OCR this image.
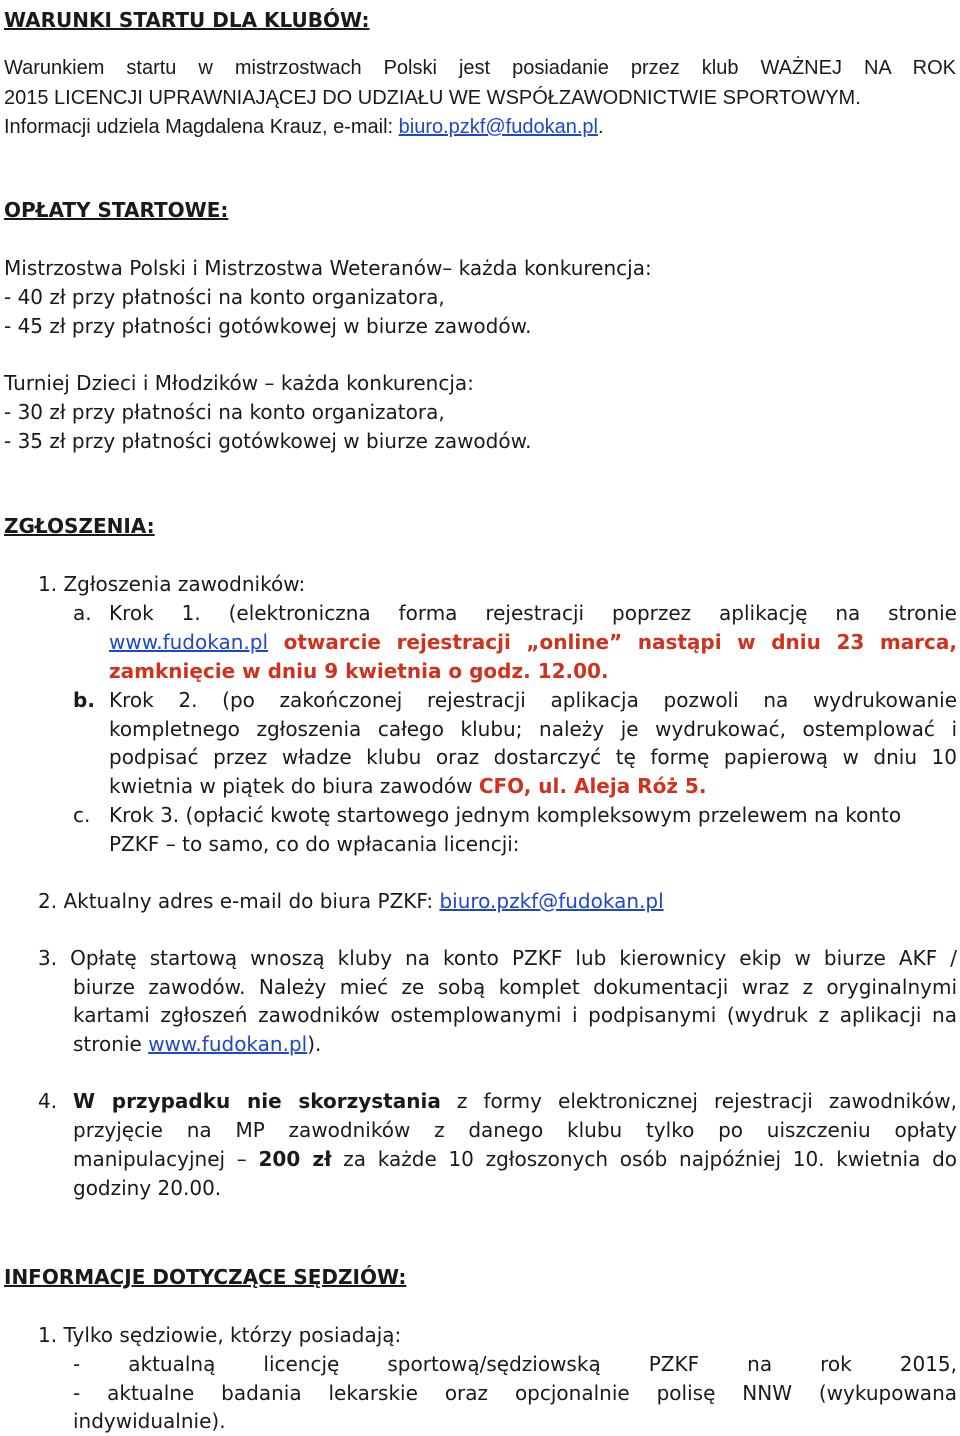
WARUNKI STARTU DLA KLUBÓW:
Warunkiem startu w mistrzostwach Polski jest posiadanie przez klub WAŻNEJ NA ROK
2015 LICENCJI UPRAWNIAJĄCEJ DO UDZIAŁU WE WSPÓŁZAWODNICTWIE SPORTOWYM.
Informacji udziela Magdalena Krauz, e-mail: biuro.pzkf@fudokan.pl.
OPŁATY STARTOWE:
Mistrzostwa Polski i Mistrzostwa Weteranów– każda konkurencja:
- 40 zł przy płatności na konto organizatora,
- 45 zł przy płatności gotówkowej w biurze zawodów.
Turniej Dzieci i Młodzików – każda konkurencja:
- 30 zł przy płatności na konto organizatora,
- 35 zł przy płatności gotówkowej w biurze zawodów.
ZGŁOSZENIA:
1. Zgłoszenia zawodników:
a. Krok 1. (elektroniczna forma rejestracji poprzez aplikację na stronie
www.fudokan.pl otwarcie rejestracji „online” nastąpi w dniu 23 marca,
zamknięcie w dniu 9 kwietnia o godz. 12.00.
b. Krok 2. (po zakończonej rejestracji aplikacja pozwoli na wydrukowanie
kompletnego zgłoszenia całego klubu; należy je wydrukować, ostemplować i
podpisać przez władze klubu oraz dostarczyć tę formę papierową w dniu 10
kwietnia w piątek do biura zawodów CFO, ul. Aleja Róż 5.
c. Krok 3. (opłacić kwotę startowego jednym kompleksowym przelewem na konto
PZKF – to samo, co do wpłacania licencji:
2. Aktualny adres e-mail do biura PZKF: biuro.pzkf@fudokan.pl
3. Opłatę startową wnoszą kluby na konto PZKF lub kierownicy ekip w biurze AKF /
biurze zawodów. Należy mieć ze sobą komplet dokumentacji wraz z oryginalnymi
kartami zgłoszeń zawodników ostemplowanymi i podpisanymi (wydruk z aplikacji na
stronie www.fudokan.pl).
4. W przypadku nie skorzystania z formy elektronicznej rejestracji zawodników,
przyjęcie na MP zawodników z danego klubu tylko po uiszczeniu opłaty
manipulacyjnej – 200 zł za każde 10 zgłoszonych osób najpóźniej 10. kwietnia do
godziny 20.00.
INFORMACJE DOTYCZĄCE SĘDZIÓW:
1. Tylko sędziowie, którzy posiadają:
- aktualną licencję sportową/sędziowską PZKF na rok 2015,
- aktualne badania lekarskie oraz opcjonalnie polisę NNW (wykupowana
indywidualnie).
